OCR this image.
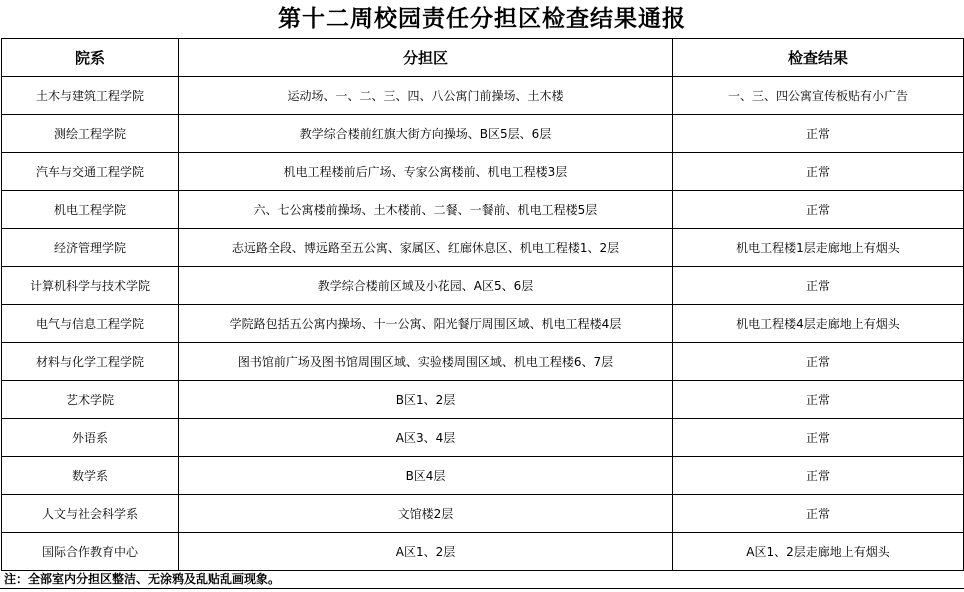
第十二周校园责任分担区检查结果通报
院系	分担区	检查结果
土木与建筑工程学院	运动场、一、二、三、四、八公寓门前操场、土木楼	一、三、四公寓宣传板贴有小广告
测绘工程学院	教学综合楼前红旗大街方向操场、B区5层、6层	正常
汽车与交通工程学院	机电工程楼前后广场、专家公寓楼前、机电工程楼3层	正常
机电工程学院	六、七公寓楼前操场、土木楼前、二餐、一餐前、机电工程楼5层	正常
经济管理学院	志远路全段、博远路至五公寓、家属区、红廊休息区、机电工程楼1、2层	机电工程楼1层走廊地上有烟头
计算机科学与技术学院	教学综合楼前区域及小花园、A区5、6层	正常
电气与信息工程学院	学院路包括五公寓内操场、十一公寓、阳光餐厅周围区域、机电工程楼4层	机电工程楼4层走廊地上有烟头
材料与化学工程学院	图书馆前广场及图书馆周围区域、实验楼周围区域、机电工程楼6、7层	正常
艺术学院	B区1、2层	正常
外语系	A区3、4层	正常
数学系	B区4层	正常
人文与社会科学系	文馆楼2层	正常
国际合作教育中心	A区1、2层	A区1、2层走廊地上有烟头
注：全部室内分担区整洁、无涂鸦及乱贴乱画现象。
